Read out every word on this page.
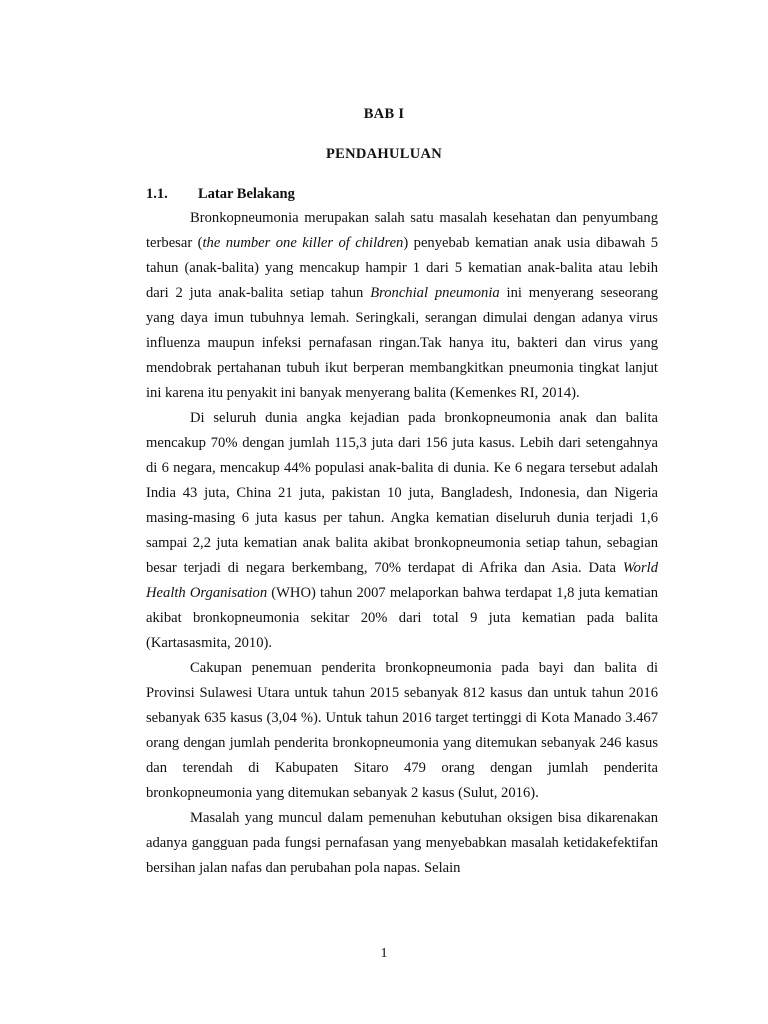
BAB I
PENDAHULUAN
1.1. Latar Belakang

Bronkopneumonia merupakan salah satu masalah kesehatan dan penyumbang terbesar (the number one killer of children) penyebab kematian anak usia dibawah 5 tahun (anak-balita) yang mencakup hampir 1 dari 5 kematian anak-balita atau lebih dari 2 juta anak-balita setiap tahun Bronchial pneumonia ini menyerang seseorang yang daya imun tubuhnya lemah. Seringkali, serangan dimulai dengan adanya virus influenza maupun infeksi pernafasan ringan.Tak hanya itu, bakteri dan virus yang mendobrak pertahanan tubuh ikut berperan membangkitkan pneumonia tingkat lanjut ini karena itu penyakit ini banyak menyerang balita (Kemenkes RI, 2014).

Di seluruh dunia angka kejadian pada bronkopneumonia anak dan balita mencakup 70% dengan jumlah 115,3 juta dari 156 juta kasus. Lebih dari setengahnya di 6 negara, mencakup 44% populasi anak-balita di dunia. Ke 6 negara tersebut adalah India 43 juta, China 21 juta, pakistan 10 juta, Bangladesh, Indonesia, dan Nigeria masing-masing 6 juta kasus per tahun. Angka kematian diseluruh dunia terjadi 1,6 sampai 2,2 juta kematian anak balita akibat bronkopneumonia setiap tahun, sebagian besar terjadi di negara berkembang, 70% terdapat di Afrika dan Asia. Data World Health Organisation (WHO) tahun 2007 melaporkan bahwa terdapat 1,8 juta kematian akibat bronkopneumonia sekitar 20% dari total 9 juta kematian pada balita (Kartasasmita, 2010).

Cakupan penemuan penderita bronkopneumonia pada bayi dan balita di Provinsi Sulawesi Utara untuk tahun 2015 sebanyak 812 kasus dan untuk tahun 2016 sebanyak 635 kasus (3,04 %). Untuk tahun 2016 target tertinggi di Kota Manado 3.467 orang dengan jumlah penderita bronkopneumonia yang ditemukan sebanyak 246 kasus dan terendah di Kabupaten Sitaro 479 orang dengan jumlah penderita bronkopneumonia yang ditemukan sebanyak 2 kasus (Sulut, 2016).

Masalah yang muncul dalam pemenuhan kebutuhan oksigen bisa dikarenakan adanya gangguan pada fungsi pernafasan yang menyebabkan masalah ketidakefektifan bersihan jalan nafas dan perubahan pola napas. Selain

1
